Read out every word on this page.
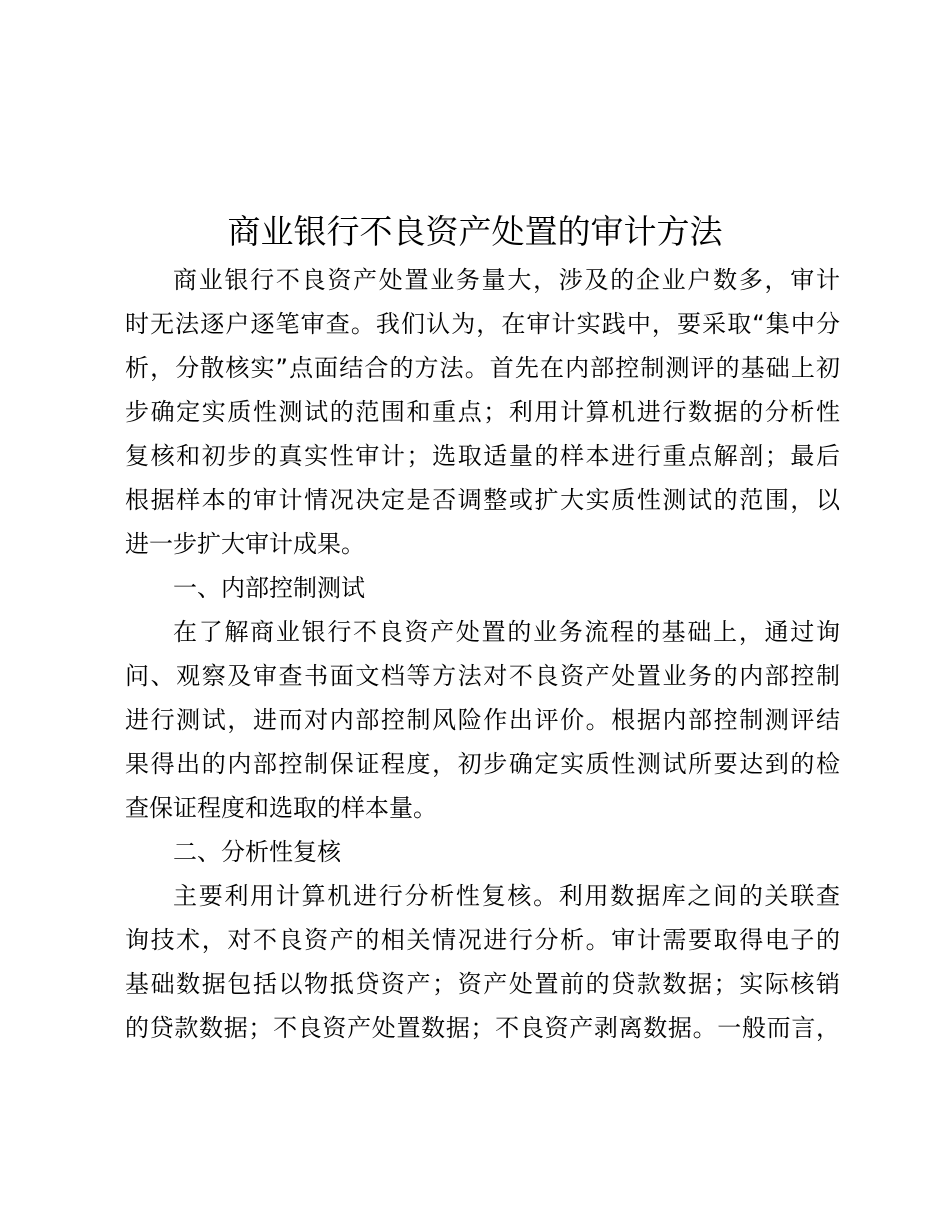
商业银行不良资产处置的审计方法
商业银行不良资产处置业务量大，涉及的企业户数多，审计
时无法逐户逐笔审查。我们认为，在审计实践中，要采取“集中分
析，分散核实”点面结合的方法。首先在内部控制测评的基础上初
步确定实质性测试的范围和重点；利用计算机进行数据的分析性
复核和初步的真实性审计；选取适量的样本进行重点解剖；最后
根据样本的审计情况决定是否调整或扩大实质性测试的范围，以
进一步扩大审计成果。
一、内部控制测试
在了解商业银行不良资产处置的业务流程的基础上，通过询
问、观察及审查书面文档等方法对不良资产处置业务的内部控制
进行测试，进而对内部控制风险作出评价。根据内部控制测评结
果得出的内部控制保证程度，初步确定实质性测试所要达到的检
查保证程度和选取的样本量。
二、分析性复核
主要利用计算机进行分析性复核。利用数据库之间的关联查
询技术，对不良资产的相关情况进行分析。审计需要取得电子的
基础数据包括以物抵贷资产；资产处置前的贷款数据；实际核销
的贷款数据；不良资产处置数据；不良资产剥离数据。一般而言，
